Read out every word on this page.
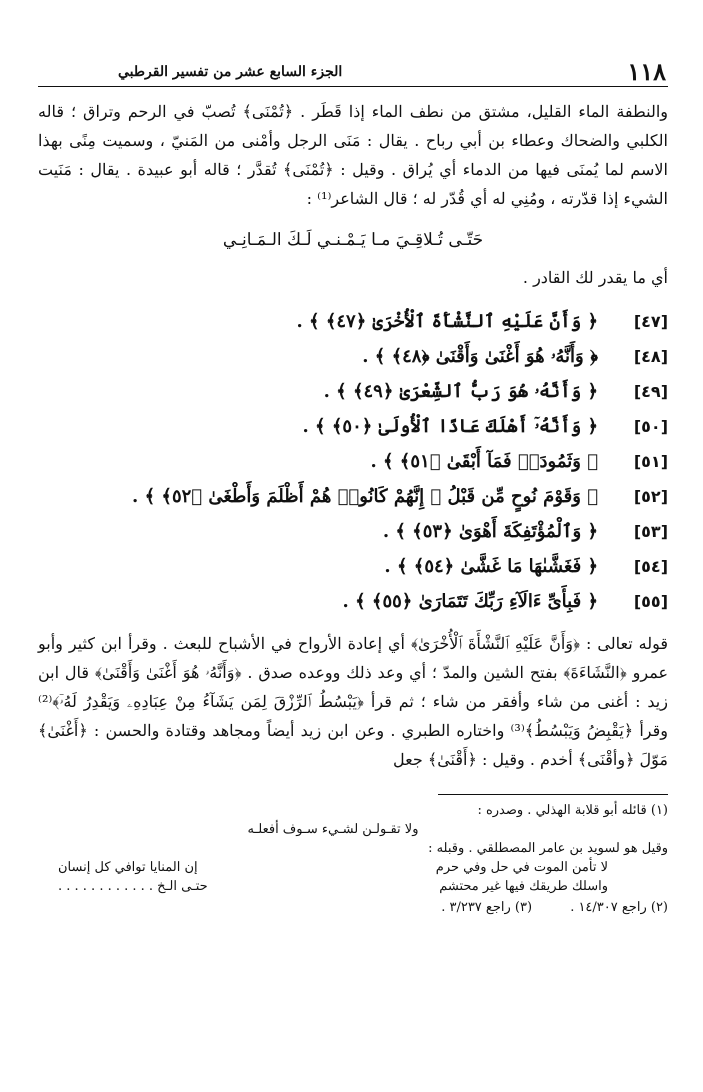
١١٨
الجزء السابع عشر من تفسير القرطبي

والنطفة الماء القليل، مشتق من نطف الماء إذا قَطَر . ﴿تُمْنَى﴾ تُصبّ في الرحم وتراق ؛ قاله الكلبي والضحاك وعطاء بن أبي رباح . يقال : مَنَى الرجل وأمْنى من المَنيّ ، وسميت مِنًى بهذا الاسم لما يُمنَى فيها من الدماء أي يُراق . وقيل : ﴿تُمْنَى﴾ تُقدَّر ؛ قاله أبو عبيدة . يقال : مَنَيت الشيء إذا قدّرته ، ومُنِي له أي قُدّر له ؛ قال الشاعر⁽¹⁾ :

حَتّـى تُـلاقِـيَ مـا يَـمْـنـي لَـكَ الـمَـانِـي

أي ما يقدر لك القادر .

[٤٧]
﴿ وَأَنَّ عَلَيْهِ ٱلنَّشْأَةَ ٱلْأُخْرَىٰ ﴿٤٧﴾ ﴾ .
[٤٨]
﴿ وَأَنَّهُۥ هُوَ أَغْنَىٰ وَأَقْنَىٰ ﴿٤٨﴾ ﴾ .
[٤٩]
﴿ وَأَنَّهُۥ هُوَ رَبُّ ٱلشِّعْرَىٰ ﴿٤٩﴾ ﴾ .
[٥٠]
﴿ وَأَنَّهُۥٓ أَهْلَكَ عَادًا ٱلْأُولَىٰ ﴿٥٠﴾ ﴾ .
[٥١]
﴿ وَثَمُودَا۟ فَمَآ أَبْقَىٰ ﴿٥١﴾ ﴾ .
[٥٢]
﴿ وَقَوْمَ نُوحٍ مِّن قَبْلُ ۖ إِنَّهُمْ كَانُوا۟ هُمْ أَظْلَمَ وَأَطْغَىٰ ﴿٥٢﴾ ﴾ .
[٥٣]
﴿ وَٱلْمُؤْتَفِكَةَ أَهْوَىٰ ﴿٥٣﴾ ﴾ .
[٥٤]
﴿ فَغَشَّىٰهَا مَا غَشَّىٰ ﴿٥٤﴾ ﴾ .
[٥٥]
﴿ فَبِأَىِّ ءَالَآءِ رَبِّكَ تَتَمَارَىٰ ﴿٥٥﴾ ﴾ .

قوله تعالى : ﴿وَأَنَّ عَلَيْهِ ٱلنَّشْأَةَ ٱلْأُخْرَىٰ﴾ أي إعادة الأرواح في الأشباح للبعث . وقرأ ابن كثير وأبو عمرو ﴿النَّشَاءَةَ﴾ بفتح الشين والمدّ ؛ أي وعد ذلك ووعده صدق . ﴿وَأَنَّهُۥ هُوَ أَغْنَىٰ وَأَقْنَىٰ﴾ قال ابن زيد : أغنى من شاء وأفقر من شاء ؛ ثم قرأ ﴿يَبْسُطُ ٱلرِّزْقَ لِمَن يَشَآءُ مِنْ عِبَادِهِۦ وَيَقْدِرُ لَهُۥٓ﴾⁽²⁾ وقرأ ﴿يَقْبِضُ وَيَبْسُطُ﴾⁽³⁾ واختاره الطبري . وعن ابن زيد أيضاً ومجاهد وقتادة والحسن : ﴿أَغْنَىٰ﴾ مَوّلَ ﴿وأقْنَى﴾ أخدم . وقيل : ﴿أَقْنَىٰ﴾ جعل

(١) قائله أبو قلابة الهذلي . وصدره :

ولا تقـولـن لشـيء سـوف أفعلـه

وقيل هو لسويد بن عامر المصطلقي . وقبله :

لا تأمن الموت في حل وفي حرم
إن المنايا توافي كل إنسان
واسلك طريقك فيها غير محتشم
حتـى الـخ . . . . . . . . . . . .
(٢) راجع ١٤/٣٠٧ . (٣) راجع ٣/٢٣٧ .
